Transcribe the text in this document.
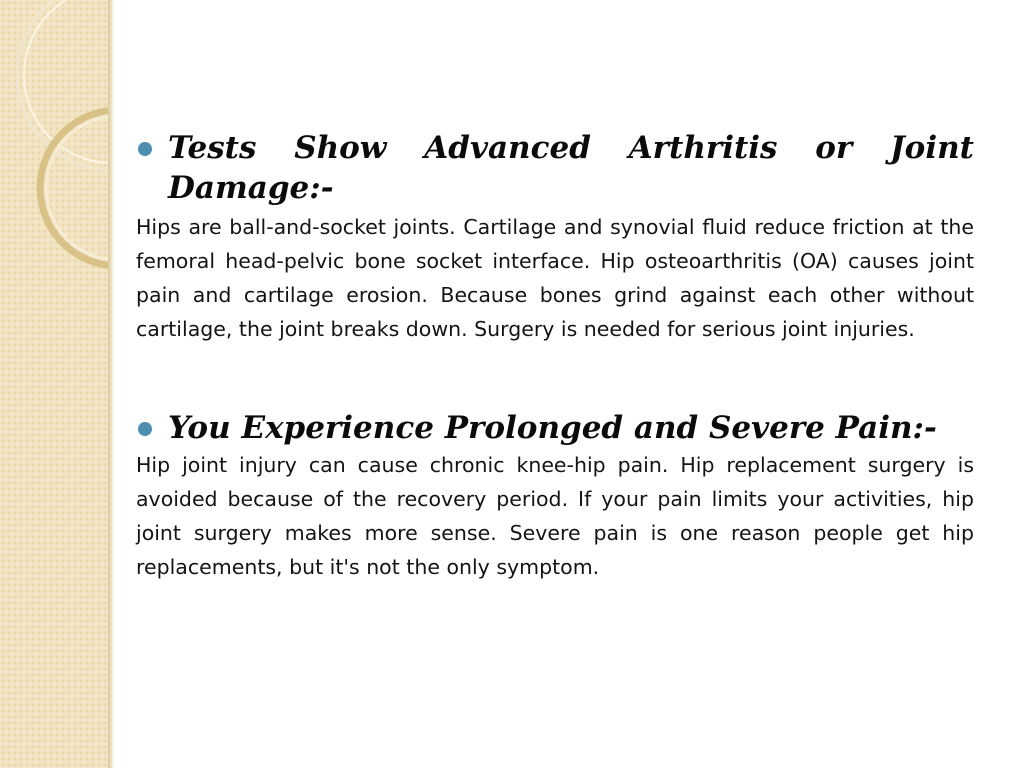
Tests Show Advanced Arthritis or Joint
Damage:-

Hips are ball-and-socket joints. Cartilage and synovial fluid reduce friction at the femoral head-pelvic bone socket interface. Hip osteoarthritis (OA) causes joint pain and cartilage erosion. Because bones grind against each other without cartilage, the joint breaks down. Surgery is needed for serious joint injuries.

You Experience Prolonged and Severe Pain:-

Hip joint injury can cause chronic knee-hip pain. Hip replacement surgery is avoided because of the recovery period. If your pain limits your activities, hip joint surgery makes more sense. Severe pain is one reason people get hip replacements, but it's not the only symptom.
